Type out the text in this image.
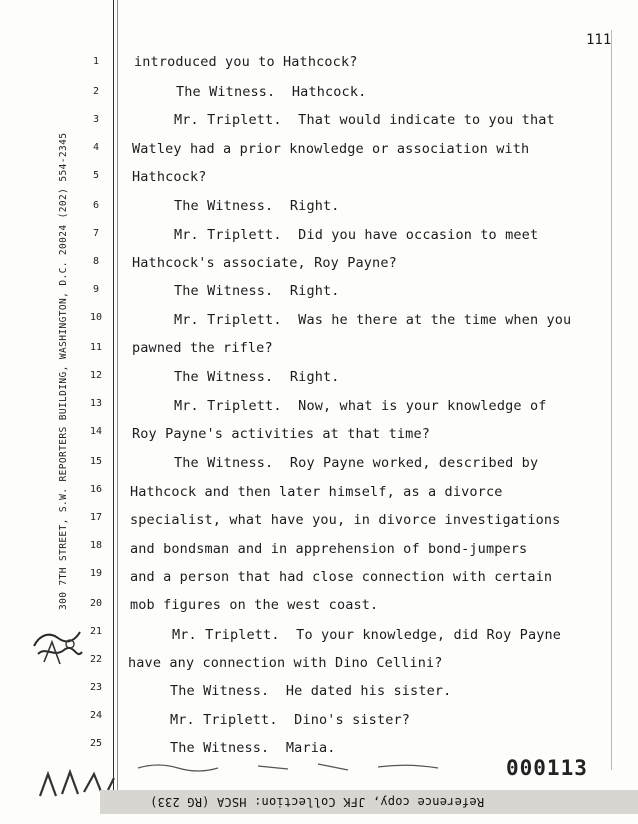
111
300 7TH STREET, S.W. REPORTERS BUILDING, WASHINGTON, D.C. 20024 (202) 554-2345
1
2
3
4
5
6
7
8
9
10
11
12
13
14
15
16
17
18
19
20
21
22
23
24
25
introduced you to Hathcock?
The Witness.  Hathcock.
Mr. Triplett.  That would indicate to you that
Watley had a prior knowledge or association with
Hathcock?
The Witness.  Right.
Mr. Triplett.  Did you have occasion to meet
Hathcock's associate, Roy Payne?
The Witness.  Right.
Mr. Triplett.  Was he there at the time when you
pawned the rifle?
The Witness.  Right.
Mr. Triplett.  Now, what is your knowledge of
Roy Payne's activities at that time?
The Witness.  Roy Payne worked, described by
Hathcock and then later himself, as a divorce
specialist, what have you, in divorce investigations
and bondsman and in apprehension of bond-jumpers
and a person that had close connection with certain
mob figures on the west coast.
Mr. Triplett.  To your knowledge, did Roy Payne
have any connection with Dino Cellini?
The Witness.  He dated his sister.
Mr. Triplett.  Dino's sister?
The Witness.  Maria.
000113
Reference copy, JFK Collection: HSCA (RG 233)
